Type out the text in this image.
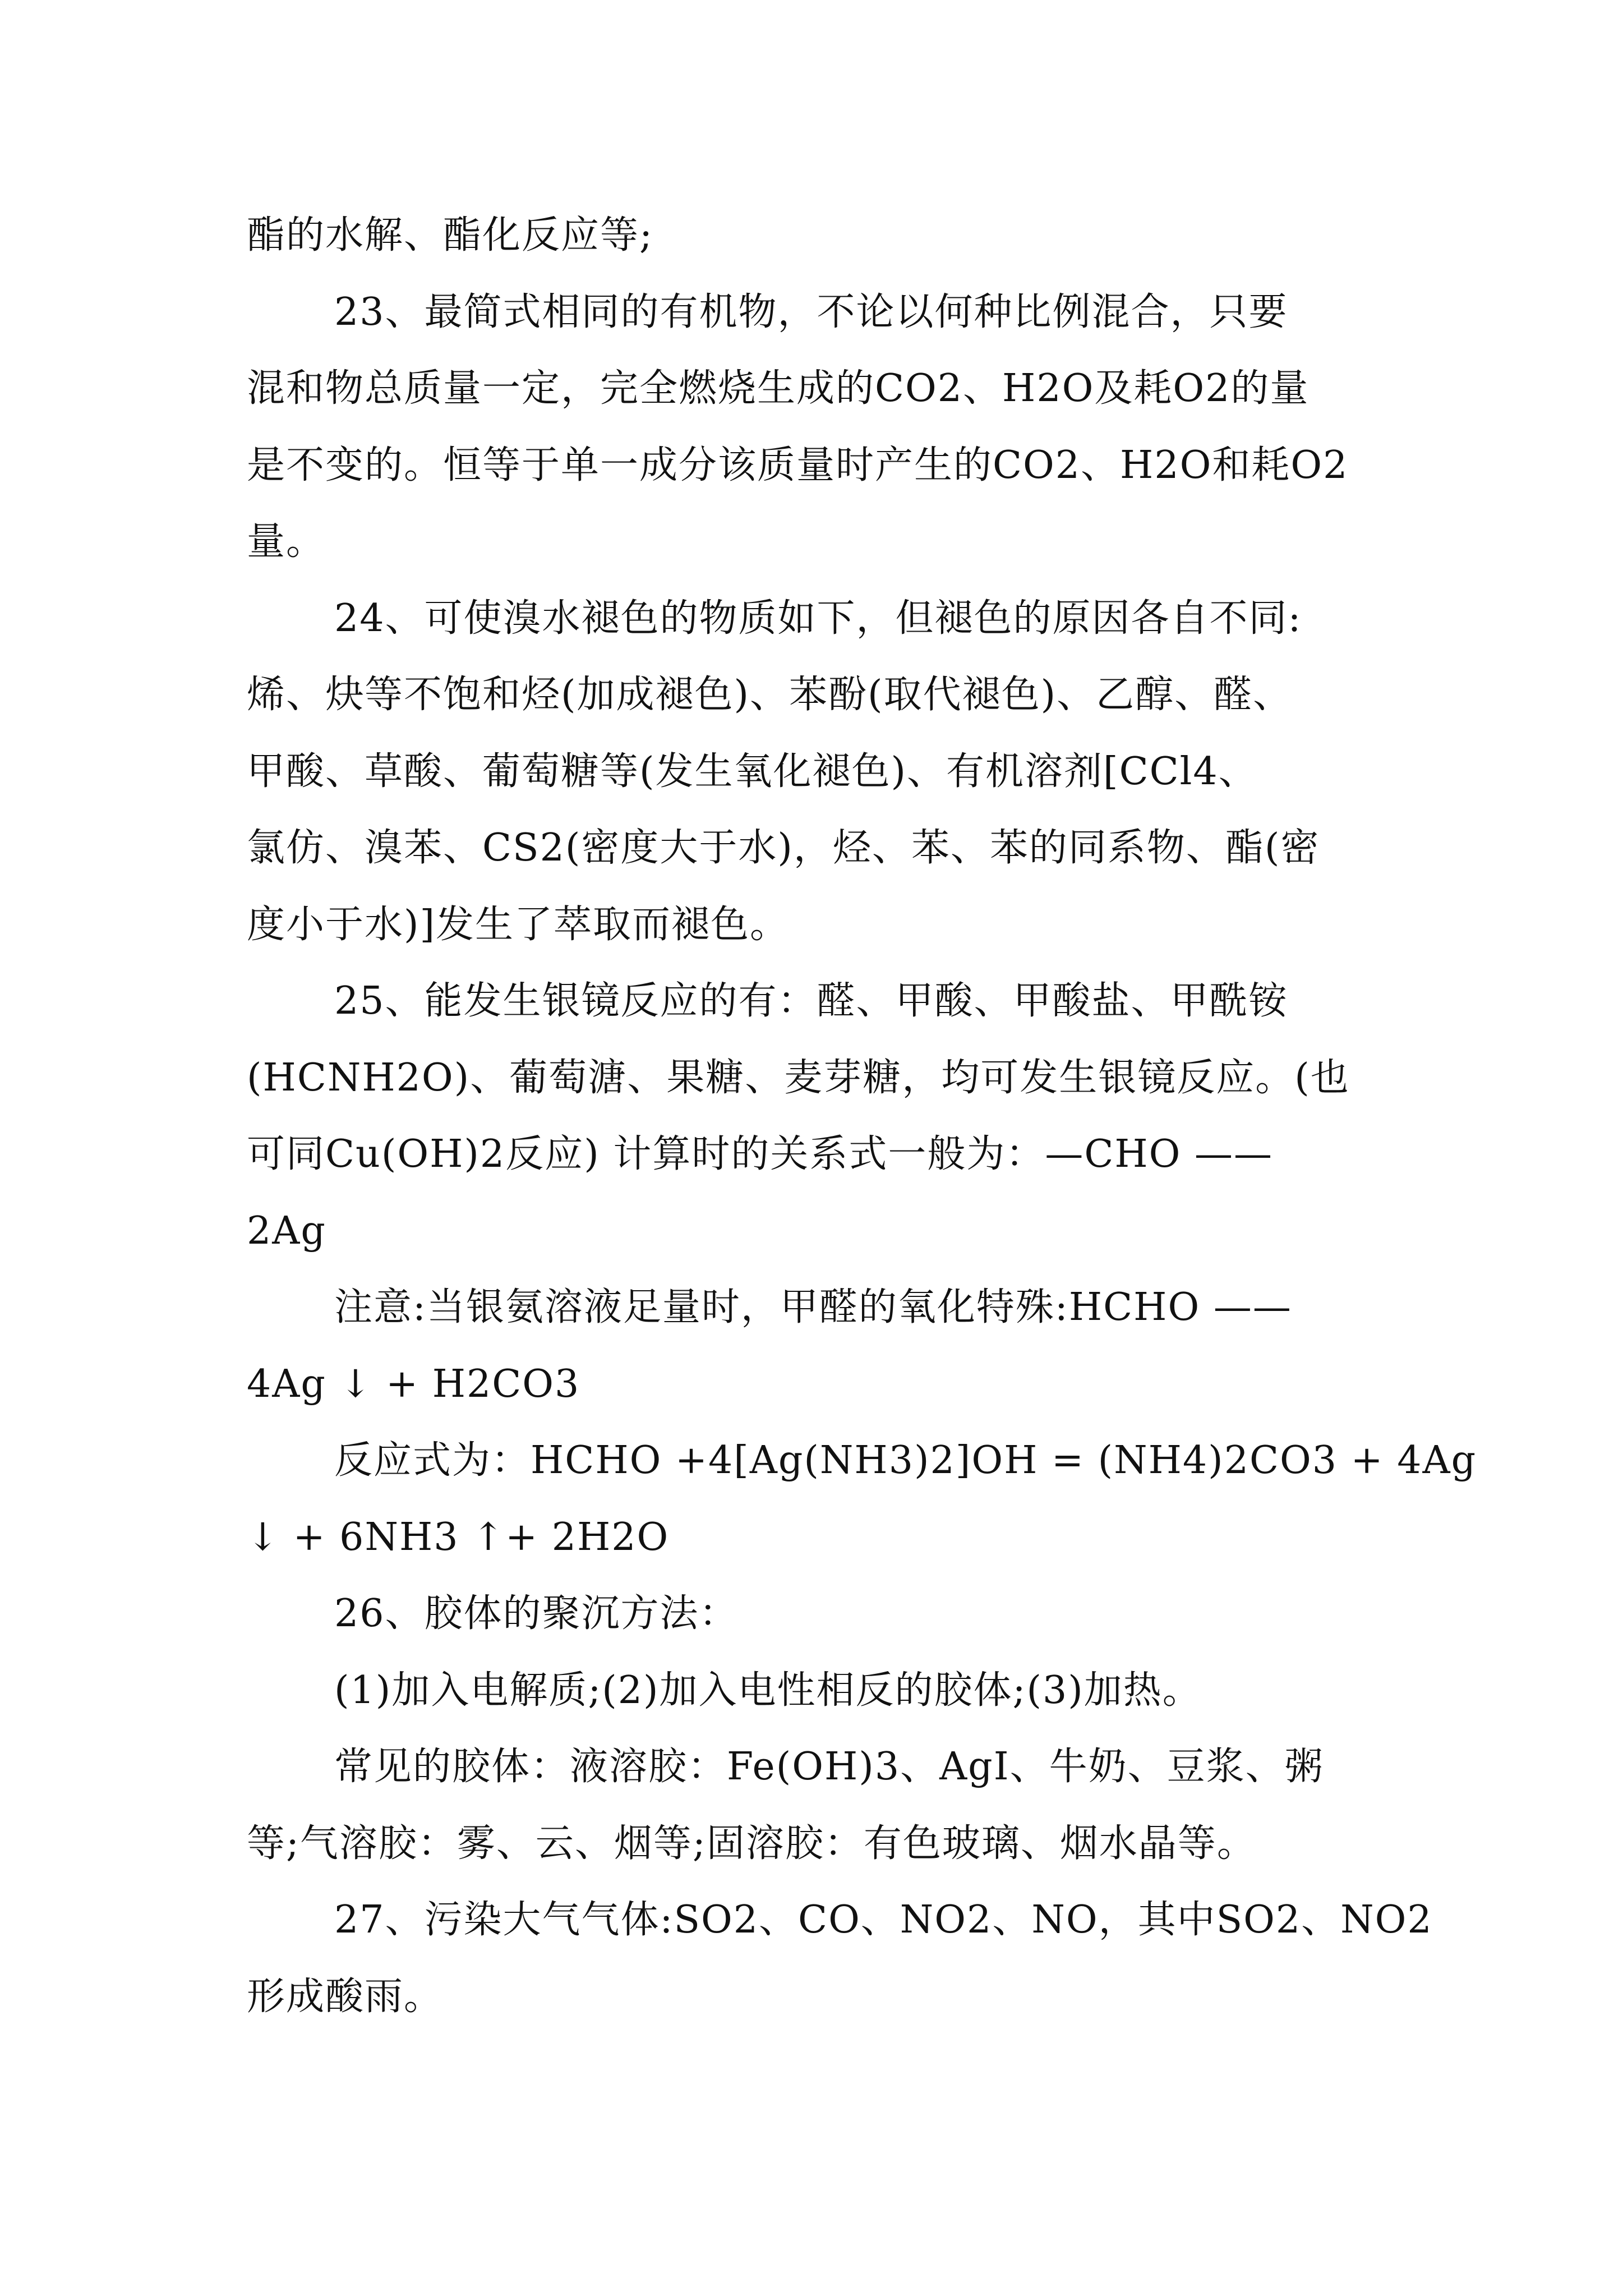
酯的水解、酯化反应等;
23、最简式相同的有机物，不论以何种比例混合，只要
混和物总质量一定，完全燃烧生成的CO2、H2O及耗O2的量
是不变的。恒等于单一成分该质量时产生的CO2、H2O和耗O2
量。
24、可使溴水褪色的物质如下，但褪色的原因各自不同:
烯、炔等不饱和烃(加成褪色)、苯酚(取代褪色)、乙醇、醛、
甲酸、草酸、葡萄糖等(发生氧化褪色)、有机溶剂[CCl4、
氯仿、溴苯、CS2(密度大于水)，烃、苯、苯的同系物、酯(密
度小于水)]发生了萃取而褪色。
25、能发生银镜反应的有：醛、甲酸、甲酸盐、甲酰铵
(HCNH2O)、葡萄溏、果糖、麦芽糖，均可发生银镜反应。(也
可同Cu(OH)2反应) 计算时的关系式一般为：—CHO ——
2Ag
注意:当银氨溶液足量时，甲醛的氧化特殊:HCHO ——
4Ag ↓ + H2CO3
反应式为：HCHO +4[Ag(NH3)2]OH = (NH4)2CO3 + 4Ag
↓ + 6NH3 ↑+ 2H2O
26、胶体的聚沉方法：
(1)加入电解质;(2)加入电性相反的胶体;(3)加热。
常见的胶体：液溶胶：Fe(OH)3、AgI、牛奶、豆浆、粥
等;气溶胶：雾、云、烟等;固溶胶：有色玻璃、烟水晶等。
27、污染大气气体:SO2、CO、NO2、NO，其中SO2、NO2
形成酸雨。
